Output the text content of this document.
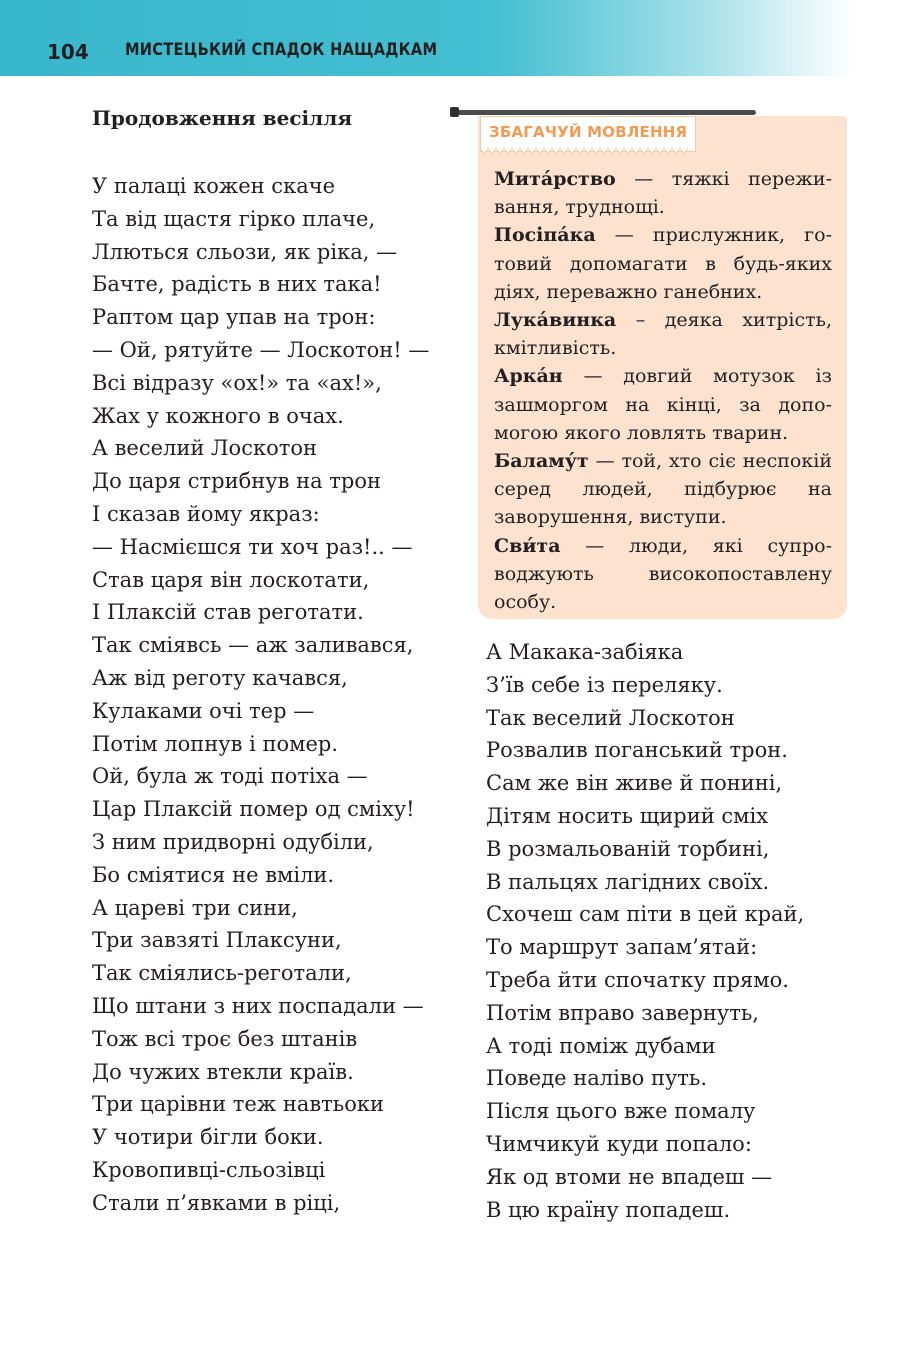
104 МИСТЕЦЬКИЙ СПАДОК НАЩАДКАМ
Продовження весілля
У палаці кожен скаче
Та від щастя гірко плаче,
Ллються сльози, як ріка, —
Бачте, радість в них така!
Раптом цар упав на трон:
— Ой, рятуйте — Лоскотон! —
Всі відразу «ох!» та «ах!»,
Жах у кожного в очах.
А веселий Лоскотон
До царя стрибнув на трон
І сказав йому якраз:
— Насмієшся ти хоч раз!.. —
Став царя він лоскотати,
І Плаксій став реготати.
Так сміявсь — аж заливався,
Аж від реготу качався,
Кулаками очі тер —
Потім лопнув і помер.
Ой, була ж тоді потіха —
Цар Плаксій помер од сміху!
З ним придворні одубіли,
Бо сміятися не вміли.
А цареві три сини,
Три завзяті Плаксуни,
Так сміялись-реготали,
Що штани з них поспадали —
Тож всі троє без штанів
До чужих втекли країв.
Три царівни теж навтьоки
У чотири бігли боки.
Кровопивці-сльозівці
Стали п’явками в ріці,
ЗБАГАЧУЙ МОВЛЕННЯ

Мита́рство — тяжкі переживання, труднощі.

Посіпа́ка — прислужник, готовий допомагати в будь-яких діях, переважно ганебних.

Лука́винка – деяка хитрість, кмітливість.

Арка́н — довгий мотузок із зашморгом на кінці, за допомогою якого ловлять тварин.

Баламу́т — той, хто сіє неспокій серед людей, підбурює на заворушення, виступи.

Сви́та — люди, які супроводжують високопоставлену особу.

А Макака-забіяка
З’їв себе із переляку.
Так веселий Лоскотон
Розвалив поганський трон.
Сам же він живе й понині,
Дітям носить щирий сміх
В розмальованій торбині,
В пальцях лагідних своїх.
Схочеш сам піти в цей край,
То маршрут запам’ятай:
Треба йти спочатку прямо.
Потім вправо завернуть,
А тоді поміж дубами
Поведе наліво путь.
Після цього вже помалу
Чимчикуй куди попало:
Як од втоми не впадеш —
В цю країну попадеш.
